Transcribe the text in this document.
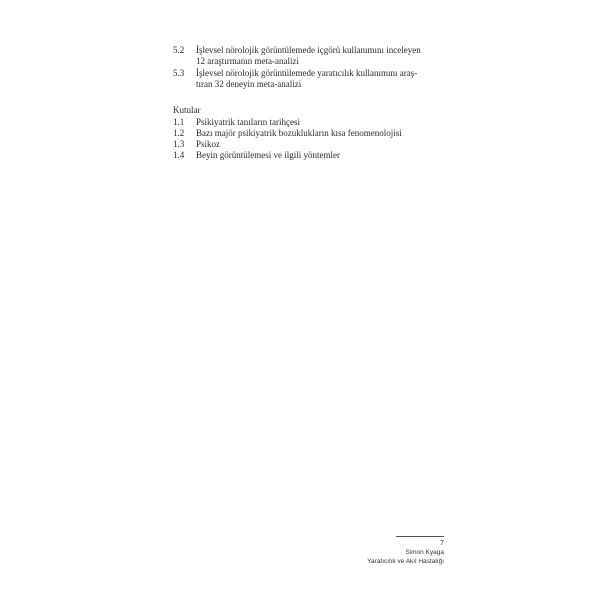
5.2	İşlevsel nörolojik görüntülemede içgörü kullanımını inceleyen
12 araştırmanın meta-analizi
5.3	İşlevsel nörolojik görüntülemede yaratıcılık kullanımını araş-
tıran 32 deneyin meta-analizi
Kutular
1.1	Psikiyatrik tanıların tarihçesi
1.2	Bazı majör psikiyatrik bozuklukların kısa fenomenolojisi
1.3	Psikoz
1.4	Beyin görüntülemesi ve ilgili yöntemler
7
Simon Kyaga
Yaratıcılık ve Akıl Hastalığı
